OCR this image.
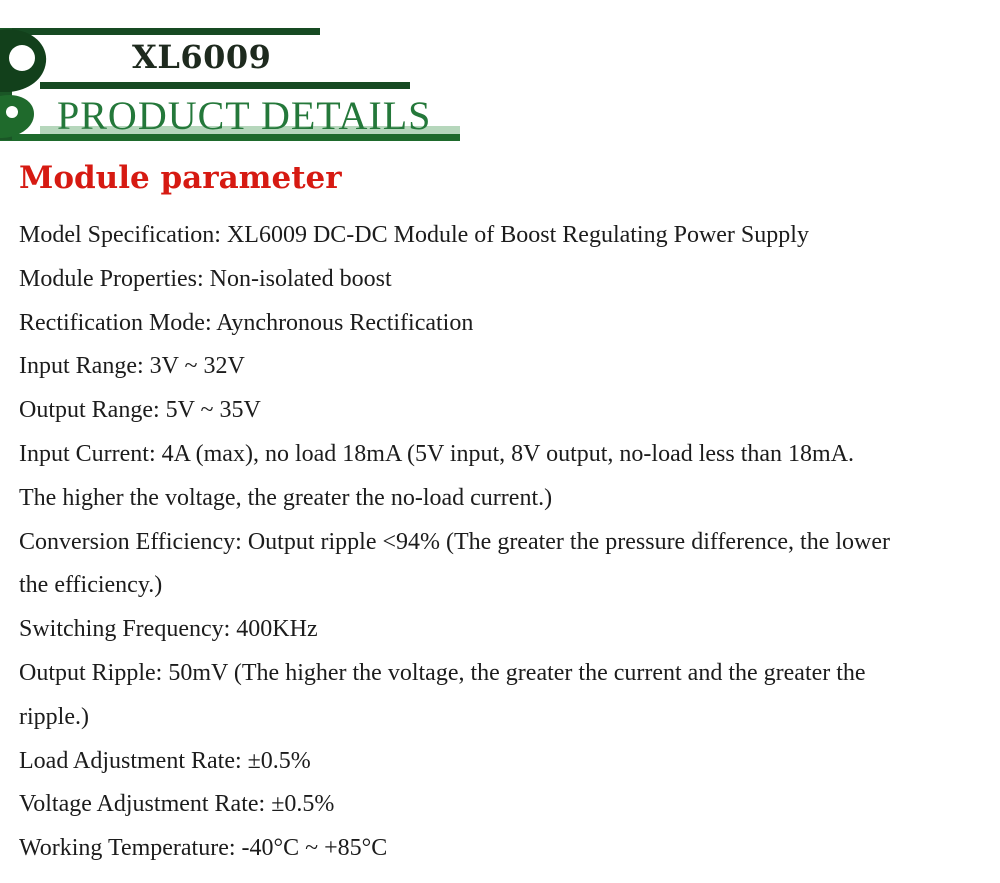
XL6009
PRODUCT DETAILS
Module parameter
Model Specification: XL6009 DC-DC Module of Boost Regulating Power Supply
Module Properties: Non-isolated boost
Rectification Mode: Aynchronous Rectification
Input Range: 3V ~ 32V
Output Range: 5V ~ 35V
Input Current: 4A (max), no load 18mA (5V input, 8V output, no-load less than 18mA.
The higher the voltage, the greater the no-load current.)
Conversion Efficiency: Output ripple <94% (The greater the pressure difference, the lower
the efficiency.)
Switching Frequency: 400KHz
Output Ripple: 50mV (The higher the voltage, the greater the current and the greater the
ripple.)
Load Adjustment Rate: ±0.5%
Voltage Adjustment Rate: ±0.5%
Working Temperature: -40°C ~ +85°C
